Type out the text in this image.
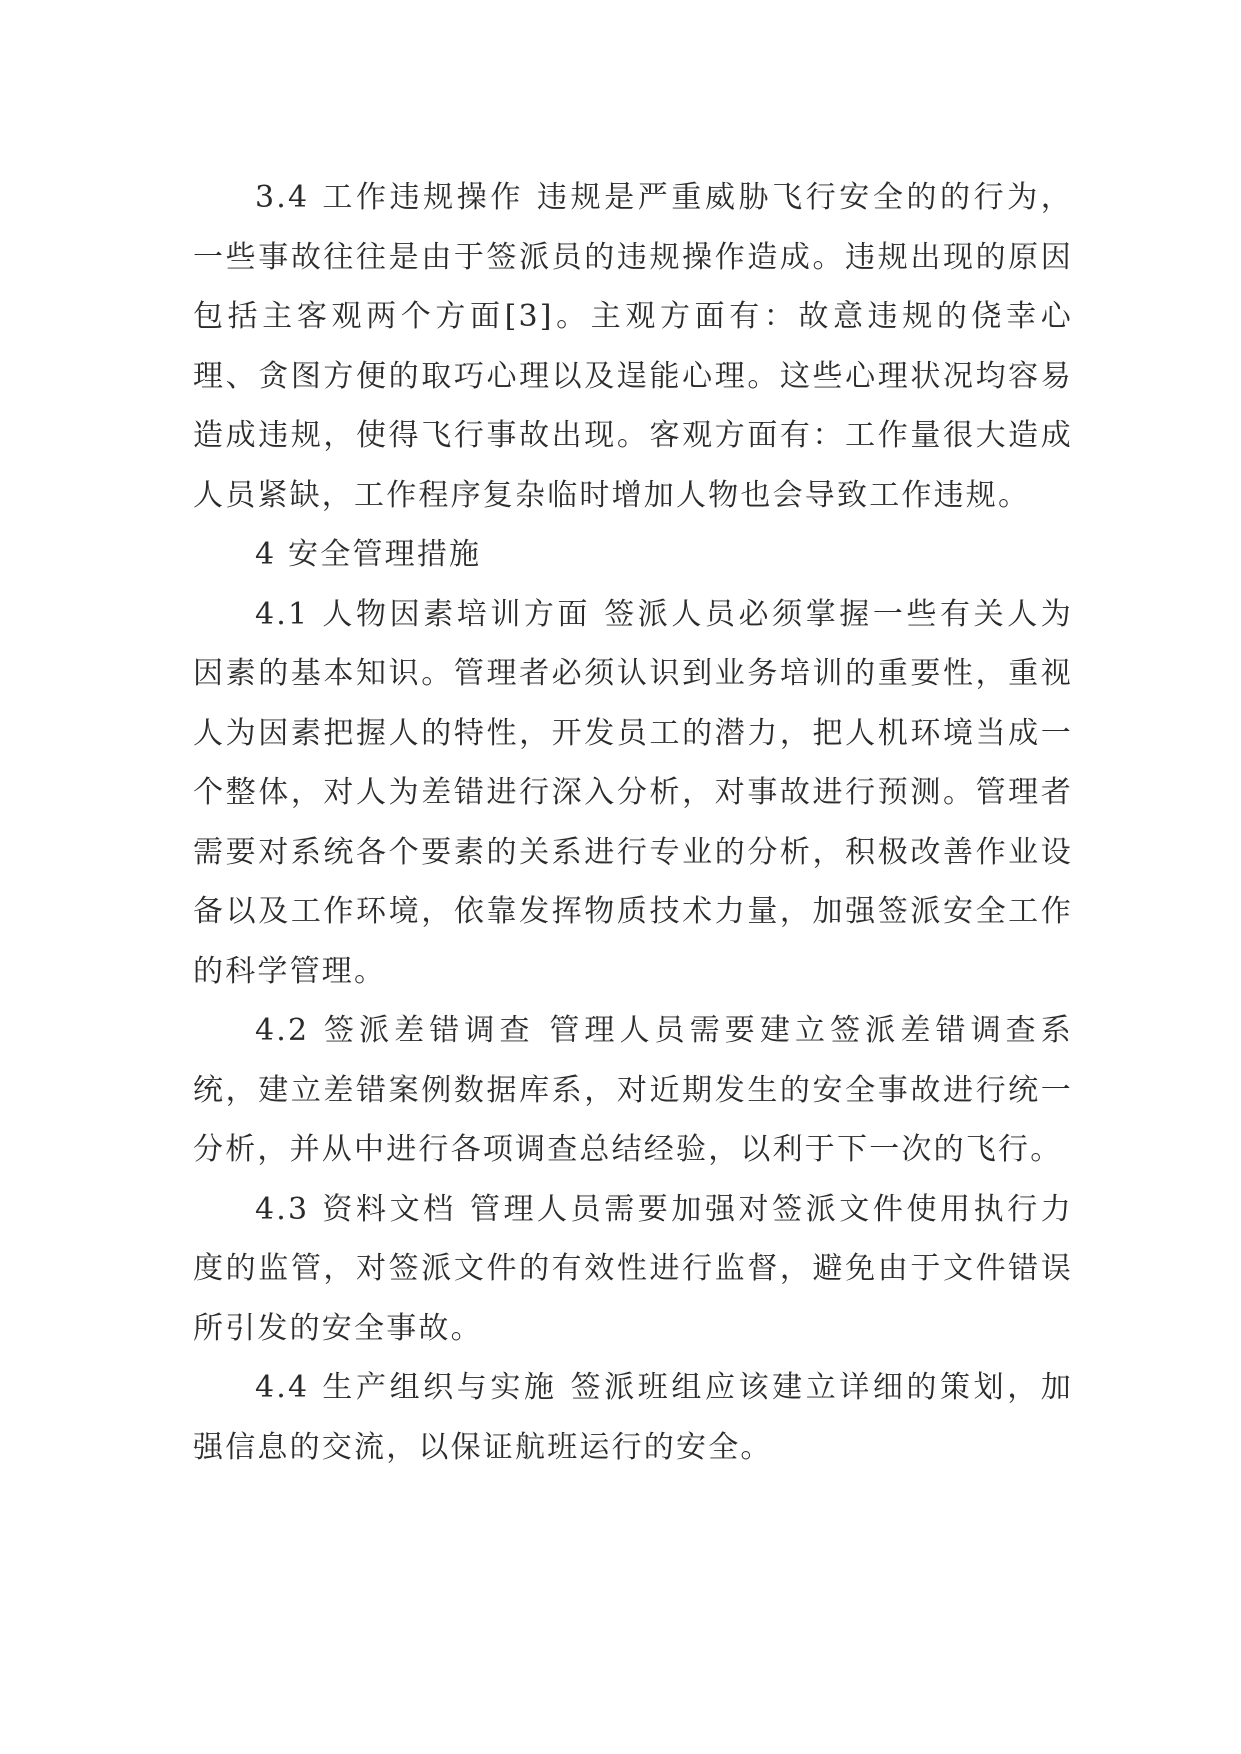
3.4 工作违规操作 违规是严重威胁飞行安全的的行为，一些事故往往是由于签派员的违规操作造成。违规出现的原因包括主客观两个方面[3]。主观方面有：故意违规的侥幸心理、贪图方便的取巧心理以及逞能心理。这些心理状况均容易造成违规，使得飞行事故出现。客观方面有：工作量很大造成人员紧缺，工作程序复杂临时增加人物也会导致工作违规。

4 安全管理措施

4.1 人物因素培训方面 签派人员必须掌握一些有关人为因素的基本知识。管理者必须认识到业务培训的重要性，重视人为因素把握人的特性，开发员工的潜力，把人机环境当成一个整体，对人为差错进行深入分析，对事故进行预测。管理者需要对系统各个要素的关系进行专业的分析，积极改善作业设备以及工作环境，依靠发挥物质技术力量，加强签派安全工作的科学管理。

4.2 签派差错调查 管理人员需要建立签派差错调查系统，建立差错案例数据库系，对近期发生的安全事故进行统一分析，并从中进行各项调查总结经验，以利于下一次的飞行。

4.3 资料文档 管理人员需要加强对签派文件使用执行力度的监管，对签派文件的有效性进行监督，避免由于文件错误所引发的安全事故。

4.4 生产组织与实施 签派班组应该建立详细的策划，加强信息的交流，以保证航班运行的安全。
